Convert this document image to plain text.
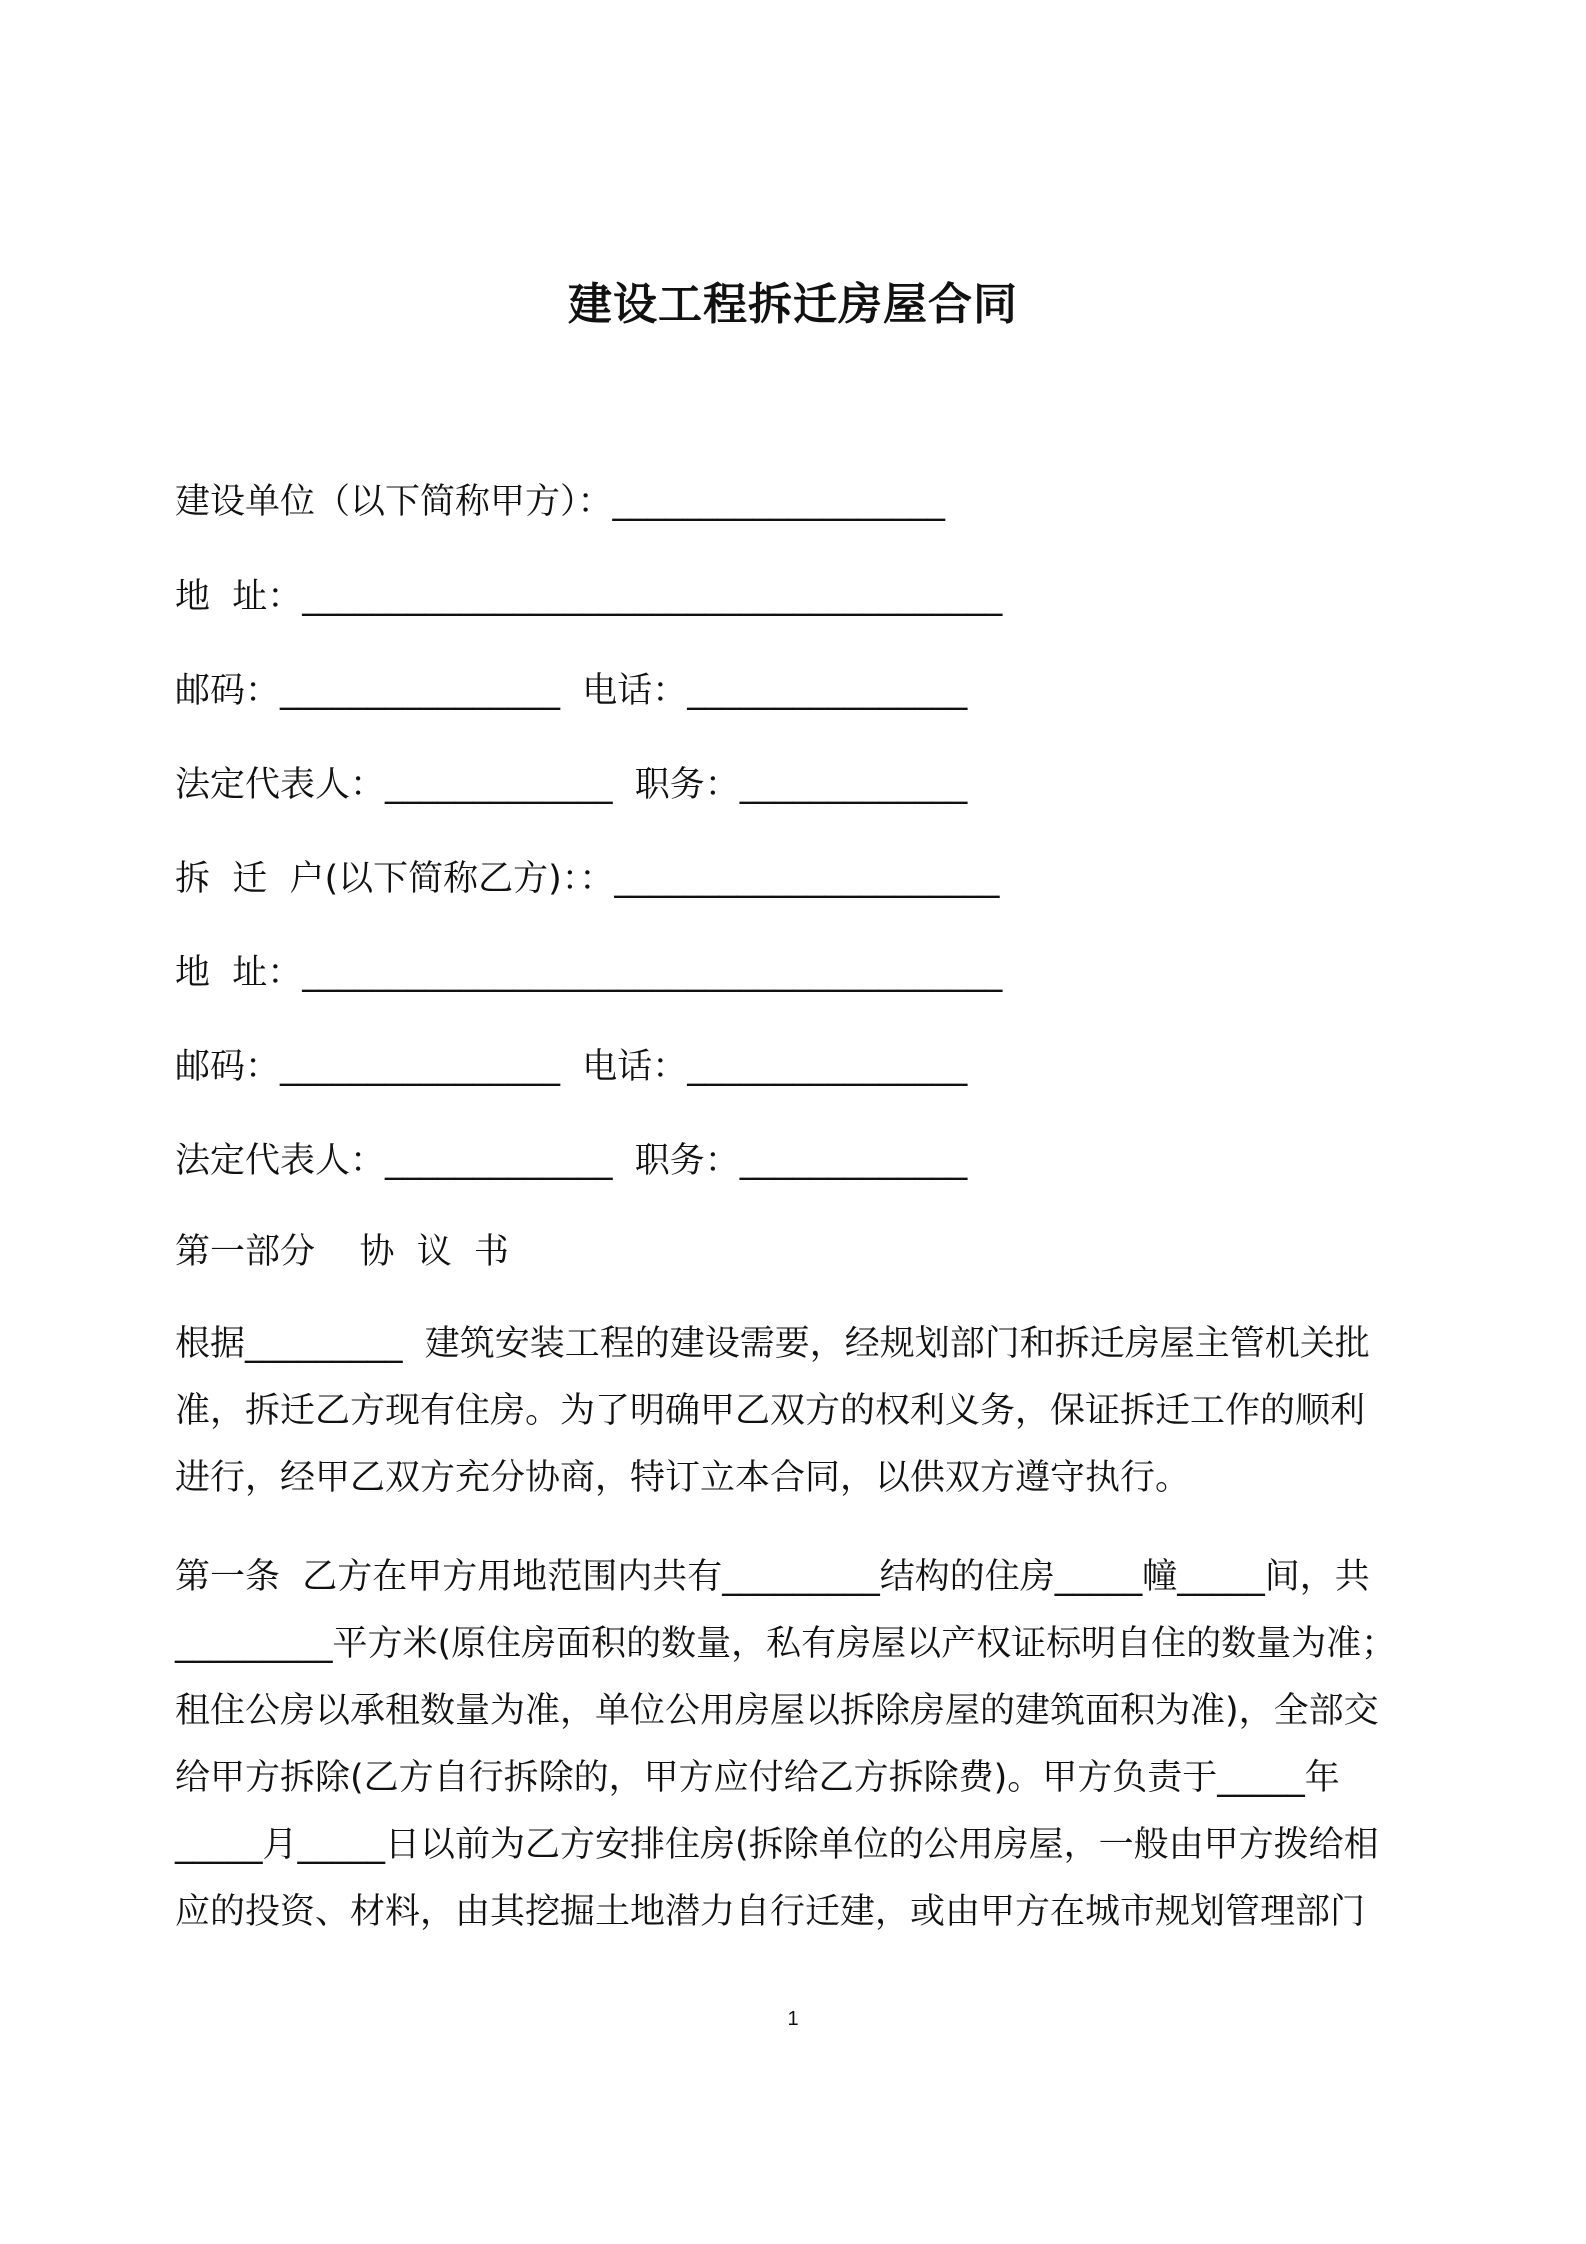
建设工程拆迁房屋合同
建设单位（以下简称甲方）：___________________
地  址：________________________________________
邮码：________________  电话：________________
法定代表人：_____________  职务：_____________
拆  迁  户(以下简称乙方)：：______________________
地  址：________________________________________
邮码：________________  电话：________________
法定代表人：_____________  职务：_____________
第一部分    协  议  书
根据_________  建筑安装工程的建设需要，经规划部门和拆迁房屋主管机关批
准，拆迁乙方现有住房。为了明确甲乙双方的权利义务，保证拆迁工作的顺利
进行，经甲乙双方充分协商，特订立本合同，以供双方遵守执行。
第一条  乙方在甲方用地范围内共有_________结构的住房_____幢_____间，共
_________平方米(原住房面积的数量，私有房屋以产权证标明自住的数量为准；
租住公房以承租数量为准，单位公用房屋以拆除房屋的建筑面积为准)，全部交
给甲方拆除(乙方自行拆除的，甲方应付给乙方拆除费)。甲方负责于_____年
_____月_____日以前为乙方安排住房(拆除单位的公用房屋，一般由甲方拨给相
应的投资、材料，由其挖掘土地潜力自行迁建，或由甲方在城市规划管理部门
1
